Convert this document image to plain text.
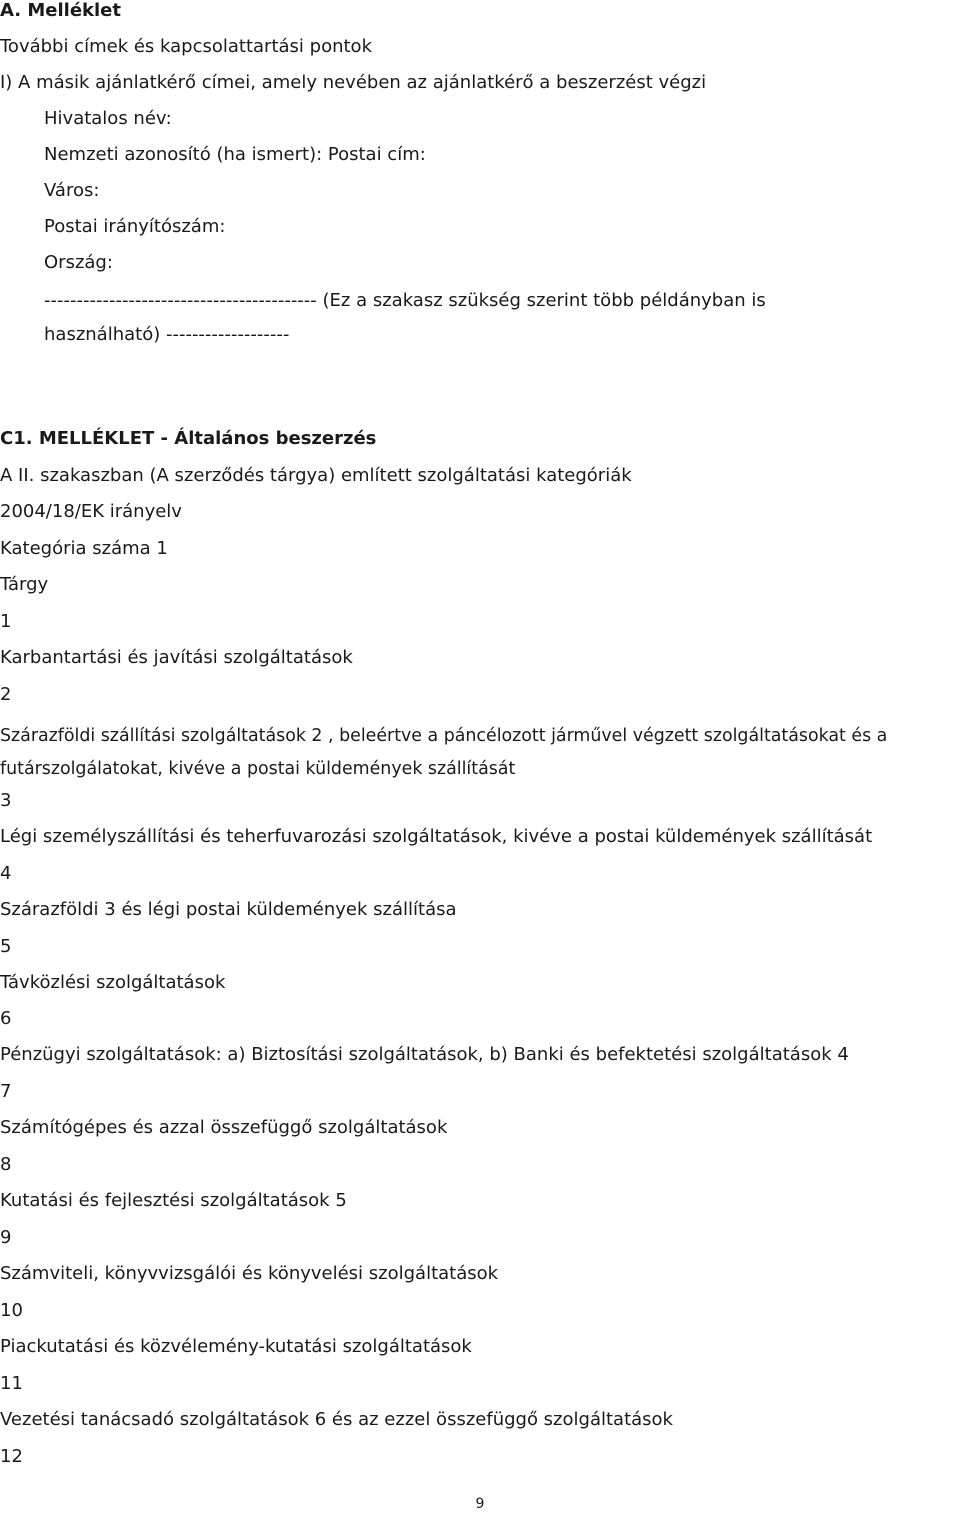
A. Melléklet
További címek és kapcsolattartási pontok
I) A másik ajánlatkérő címei, amely nevében az ajánlatkérő a beszerzést végzi
Hivatalos név:
Nemzeti azonosító (ha ismert): Postai cím:
Város:
Postai irányítószám:
Ország:
------------------------------------------ (Ez a szakasz szükség szerint több példányban is
használható) -------------------
C1. MELLÉKLET - Általános beszerzés
A II. szakaszban (A szerződés tárgya) említett szolgáltatási kategóriák
2004/18/EK irányelv
Kategória száma 1
Tárgy
1
Karbantartási és javítási szolgáltatások
2
Szárazföldi szállítási szolgáltatások 2 , beleértve a páncélozott járművel végzett szolgáltatásokat és a futárszolgálatokat, kivéve a postai küldemények szállítását
3
Légi személyszállítási és teherfuvarozási szolgáltatások, kivéve a postai küldemények szállítását
4
Szárazföldi 3 és légi postai küldemények szállítása
5
Távközlési szolgáltatások
6
Pénzügyi szolgáltatások: a) Biztosítási szolgáltatások, b) Banki és befektetési szolgáltatások 4
7
Számítógépes és azzal összefüggő szolgáltatások
8
Kutatási és fejlesztési szolgáltatások 5
9
Számviteli, könyvvizsgálói és könyvelési szolgáltatások
10
Piackutatási és közvélemény-kutatási szolgáltatások
11
Vezetési tanácsadó szolgáltatások 6 és az ezzel összefüggő szolgáltatások
12
9
